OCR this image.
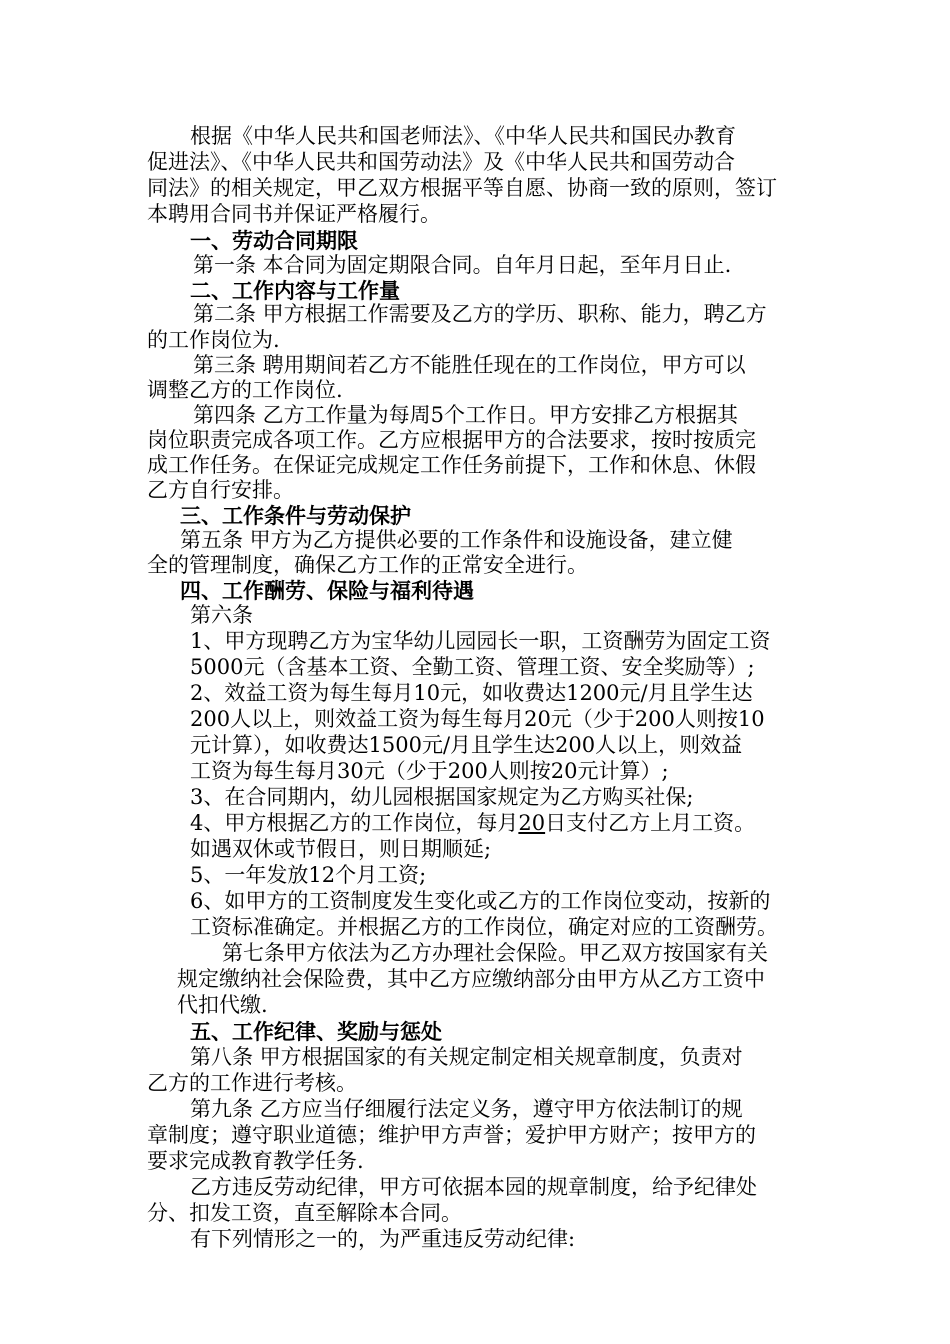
根据《中华人民共和国老师法》、《中华人民共和国民办教育
促进法》、《中华人民共和国劳动法》及《中华人民共和国劳动合
同法》的相关规定，甲乙双方根据平等自愿、协商一致的原则，签订
本聘用合同书并保证严格履行。
一、劳动合同期限
第一条 本合同为固定期限合同。自年月日起，至年月日止.
二、工作内容与工作量
第二条 甲方根据工作需要及乙方的学历、职称、能力，聘乙方
的工作岗位为.
第三条 聘用期间若乙方不能胜任现在的工作岗位，甲方可以
调整乙方的工作岗位.
第四条 乙方工作量为每周5个工作日。甲方安排乙方根据其
岗位职责完成各项工作。乙方应根据甲方的合法要求，按时按质完
成工作任务。在保证完成规定工作任务前提下，工作和休息、休假
乙方自行安排。
三、工作条件与劳动保护
第五条 甲方为乙方提供必要的工作条件和设施设备，建立健
全的管理制度，确保乙方工作的正常安全进行。
四、工作酬劳、保险与福利待遇
第六条
1、甲方现聘乙方为宝华幼儿园园长一职，工资酬劳为固定工资
5000元（含基本工资、全勤工资、管理工资、安全奖励等）;
2、效益工资为每生每月10元，如收费达1200元/月且学生达
200人以上，则效益工资为每生每月20元（少于200人则按10
元计算），如收费达1500元/月且学生达200人以上，则效益
工资为每生每月30元（少于200人则按20元计算）;
3、在合同期内，幼儿园根据国家规定为乙方购买社保;
4、甲方根据乙方的工作岗位，每月20日支付乙方上月工资。
如遇双休或节假日，则日期顺延;
5、一年发放12个月工资;
6、如甲方的工资制度发生变化或乙方的工作岗位变动，按新的
工资标准确定。并根据乙方的工作岗位，确定对应的工资酬劳。
第七条甲方依法为乙方办理社会保险。甲乙双方按国家有关
规定缴纳社会保险费，其中乙方应缴纳部分由甲方从乙方工资中
代扣代缴.
五、工作纪律、奖励与惩处
第八条 甲方根据国家的有关规定制定相关规章制度，负责对
乙方的工作进行考核。
第九条 乙方应当仔细履行法定义务，遵守甲方依法制订的规
章制度；遵守职业道德；维护甲方声誉；爱护甲方财产；按甲方的
要求完成教育教学任务.
乙方违反劳动纪律，甲方可依据本园的规章制度，给予纪律处
分、扣发工资，直至解除本合同。
有下列情形之一的，为严重违反劳动纪律:
